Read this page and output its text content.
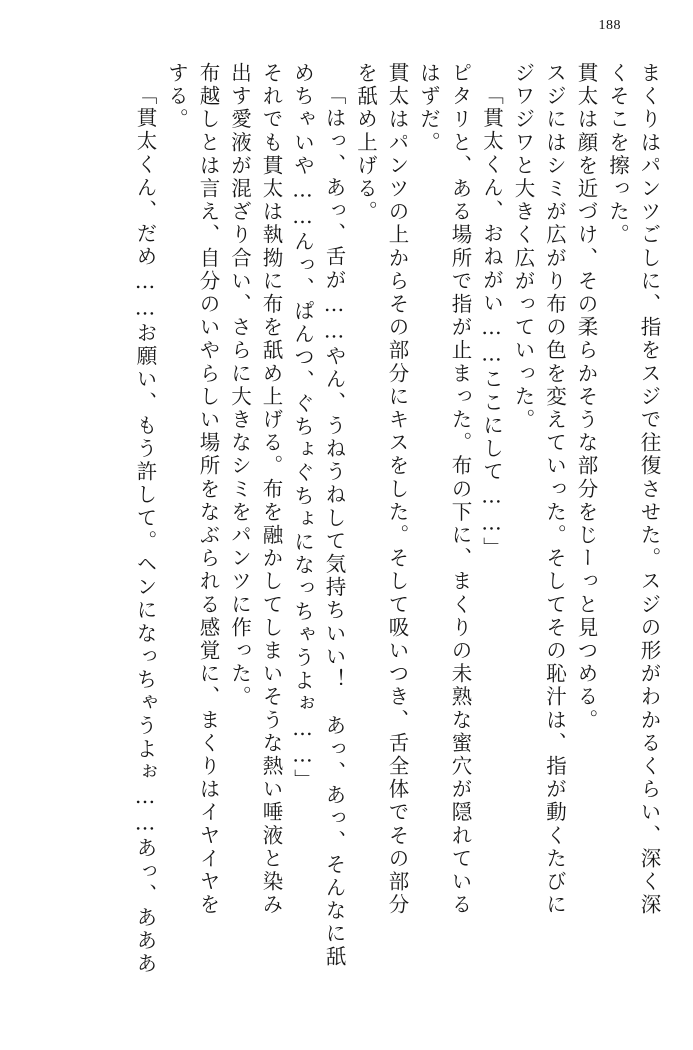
188
まくりはパンツごしに、指をスジで往復させた。スジの形がわかるくらい、深く深
くそこを擦った。
貫太は顔を近づけ、その柔らかそうな部分をじーっと見つめる。
スジにはシミが広がり布の色を変えていった。そしてその恥汁は、指が動くたびに
ジワジワと大きく広がっていった。
「貫太くん、おねがい……ここにして……」
ピタリと、ある場所で指が止まった。布の下に、まくりの未熟な蜜穴が隠れている
はずだ。
貫太はパンツの上からその部分にキスをした。そして吸いつき、舌全体でその部分
を舐め上げる。
「はっ、あっ、舌が……やん、うねうねして気持ちいい！　あっ、あっ、そんなに舐
めちゃいや……んっ、ぱんつ、ぐちょぐちょになっちゃうよぉ……」
それでも貫太は執拗に布を舐め上げる。布を融かしてしまいそうな熱い唾液と染み
出す愛液が混ざり合い、さらに大きなシミをパンツに作った。
布越しとは言え、自分のいやらしい場所をなぶられる感覚に、まくりはイヤイヤを
する。
「貫太くん、だめ……お願い、もう許して。ヘンになっちゃうよぉ……あっ、あああ
